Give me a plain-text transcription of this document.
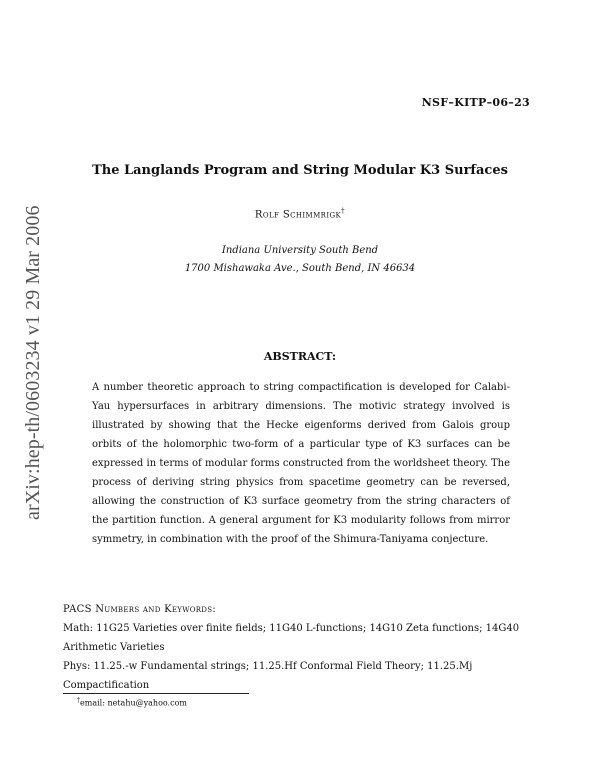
arXiv:hep-th/0603234 v1 29 Mar 2006
NSF–KITP–06–23
The Langlands Program and String Modular K3 Surfaces
Rolf Schimmrigk†
Indiana University South Bend
1700 Mishawaka Ave., South Bend, IN 46634
ABSTRACT:
A number theoretic approach to string compactification is developed for Calabi-Yau hypersurfaces in arbitrary dimensions. The motivic strategy involved is illustrated by showing that the Hecke eigenforms derived from Galois group orbits of the holomorphic two-form of a particular type of K3 surfaces can be expressed in terms of modular forms constructed from the worldsheet theory. The process of deriving string physics from spacetime geometry can be reversed, allowing the construction of K3 surface geometry from the string characters of the partition function. A general argument for K3 modularity follows from mirror symmetry, in combination with the proof of the Shimura-Taniyama conjecture.
PACS Numbers and Keywords:
Math: 11G25 Varieties over finite fields; 11G40 L-functions; 14G10 Zeta functions; 14G40 Arithmetic Varieties
Phys: 11.25.-w Fundamental strings; 11.25.Hf Conformal Field Theory; 11.25.Mj Compactification
†email: netahu@yahoo.com
